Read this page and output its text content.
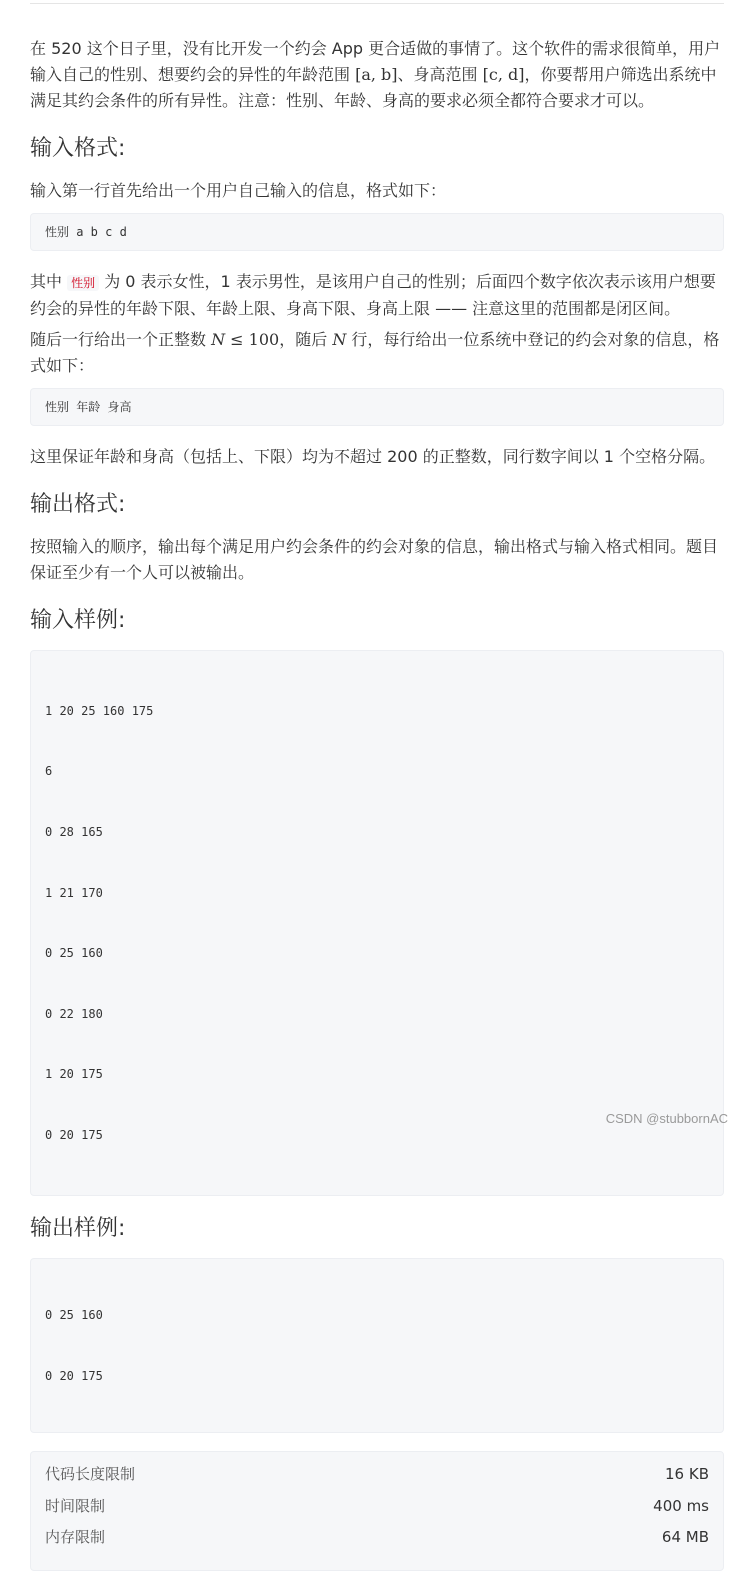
在 520 这个日子里，没有比开发一个约会 App 更合适做的事情了。这个软件的需求很简单，用户输入自己的性别、想要约会的异性的年龄范围 [a, b]、身高范围 [c, d]，你要帮用户筛选出系统中满足其约会条件的所有异性。注意：性别、年龄、身高的要求必须全都符合要求才可以。

输入格式:

输入第一行首先给出一个用户自己输入的信息，格式如下：

性别 a b c d

其中 性别 为 0 表示女性，1 表示男性，是该用户自己的性别；后面四个数字依次表示该用户想要约会的异性的年龄下限、年龄上限、身高下限、身高上限 —— 注意这里的范围都是闭区间。

随后一行给出一个正整数 N ≤ 100，随后 N 行，每行给出一位系统中登记的约会对象的信息，格式如下：

性别 年龄 身高

这里保证年龄和身高（包括上、下限）均为不超过 200 的正整数，同行数字间以 1 个空格分隔。

输出格式:

按照输入的顺序，输出每个满足用户约会条件的约会对象的信息，输出格式与输入格式相同。题目保证至少有一个人可以被输出。

输入样例:

1 20 25 160 175

6

0 28 165

1 21 170

0 25 160

0 22 180

1 20 175

0 20 175

输出样例:

0 25 160

0 20 175

代码长度限制	16 KB
时间限制	400 ms
内存限制	64 MB
CSDN @stubbornAC
